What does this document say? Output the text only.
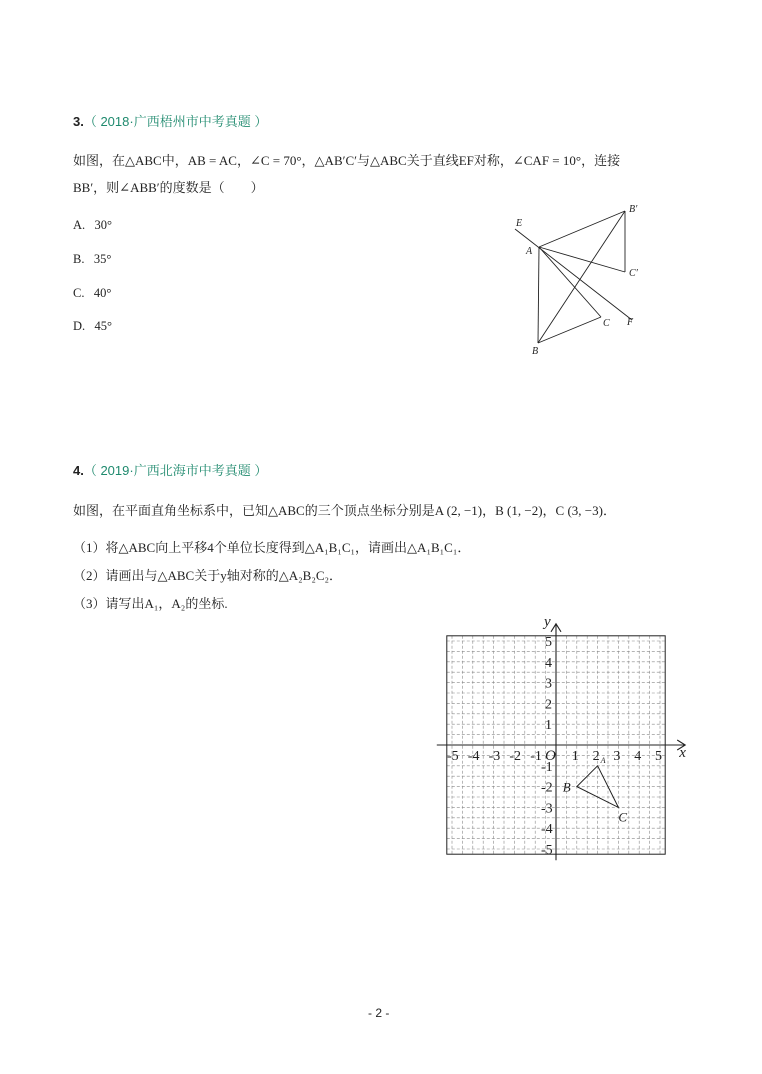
3.（ 2018·广西梧州市中考真题 ）
如图，在△ABC中，AB = AC，∠C = 70°，△AB′C′与△ABC关于直线EF对称，∠CAF = 10°，连接
BB′，则∠ABB′的度数是（　　）
A. 30°
B. 35°
C. 40°
D. 45°
E
A
B′
C′
F
C
B
4.（ 2019·广西北海市中考真题 ）
如图，在平面直角坐标系中，已知△ABC的三个顶点坐标分别是A (2, −1)，B (1, −2)，C (3, −3)．
（1）将△ABC向上平移4个单位长度得到△A₁B₁C₁，请画出△A₁B₁C₁．
（2）请画出与△ABC关于y轴对称的△A₂B₂C₂．
（3）请写出A₁，A₂的坐标.
-5 -4 -3 -2 -1 1 2 3 4 5
5
4
3
2
1
-1
-2
-3
-4
-5
x
y
O	A
B
C
- 2 -
